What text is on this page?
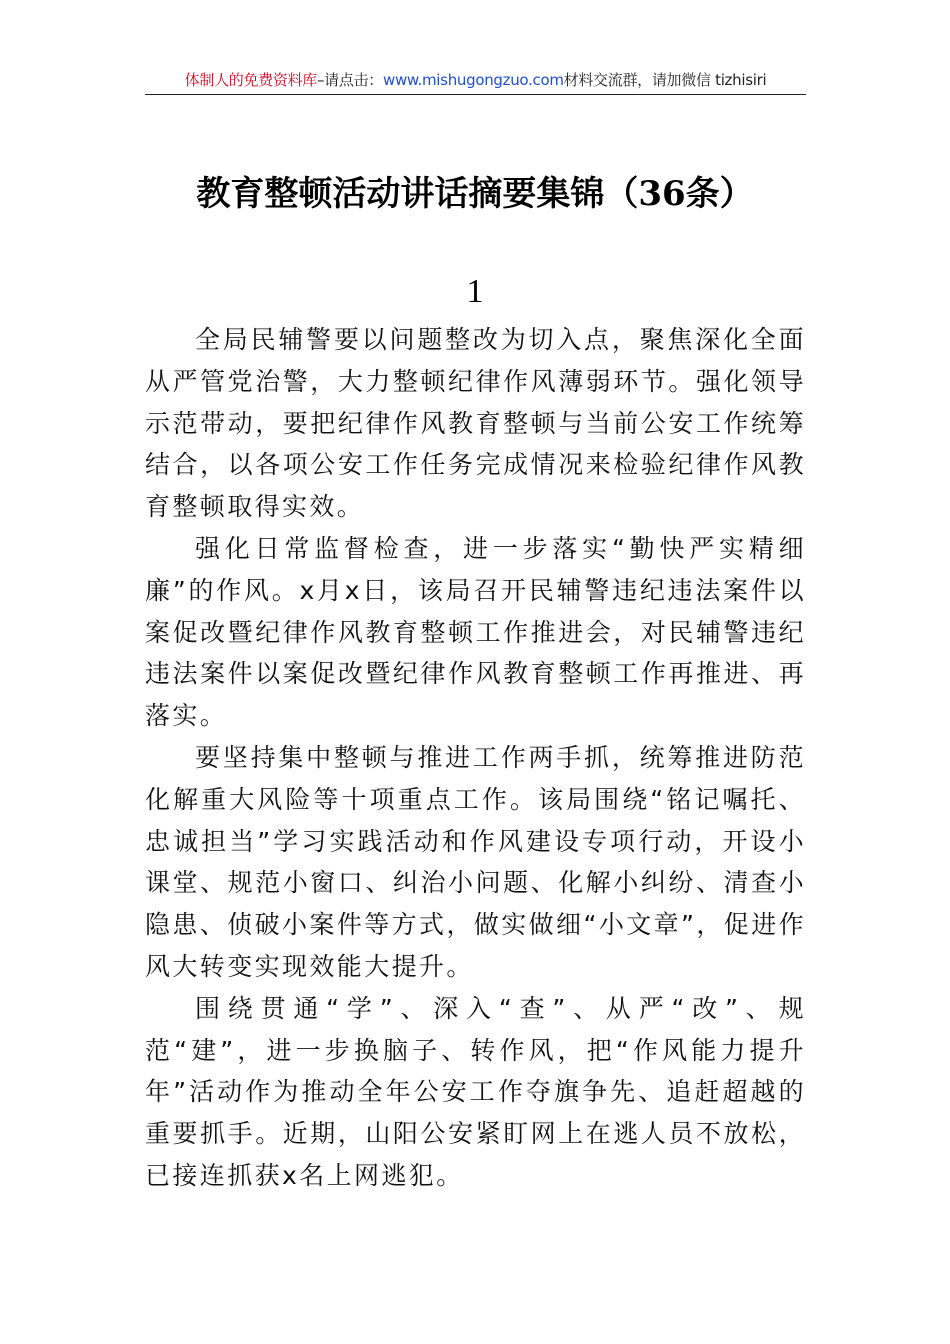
体制人的免费资料库–请点击：www.mishugongzuo.com材料交流群，请加微信 tizhisiri
教育整顿活动讲话摘要集锦（36条）
1

全局民辅警要以问题整改为切入点，聚焦深化全面从严管党治警，大力整顿纪律作风薄弱环节。强化领导示范带动，要把纪律作风教育整顿与当前公安工作统筹结合，以各项公安工作任务完成情况来检验纪律作风教育整顿取得实效。

强化日常监督检查，进一步落实“勤快严实精细廉”的作风。x月x日，该局召开民辅警违纪违法案件以案促改暨纪律作风教育整顿工作推进会，对民辅警违纪违法案件以案促改暨纪律作风教育整顿工作再推进、再落实。

要坚持集中整顿与推进工作两手抓，统筹推进防范化解重大风险等十项重点工作。该局围绕“铭记嘱托、忠诚担当”学习实践活动和作风建设专项行动，开设小课堂、规范小窗口、纠治小问题、化解小纠纷、清查小隐患、侦破小案件等方式，做实做细“小文章”，促进作风大转变实现效能大提升。

围绕贯通“学”、深入“查”、从严“改”、规范“建”，进一步换脑子、转作风，把“作风能力提升年”活动作为推动全年公安工作夺旗争先、追赶超越的重要抓手。近期，山阳公安紧盯网上在逃人员不放松，已接连抓获x名上网逃犯。
